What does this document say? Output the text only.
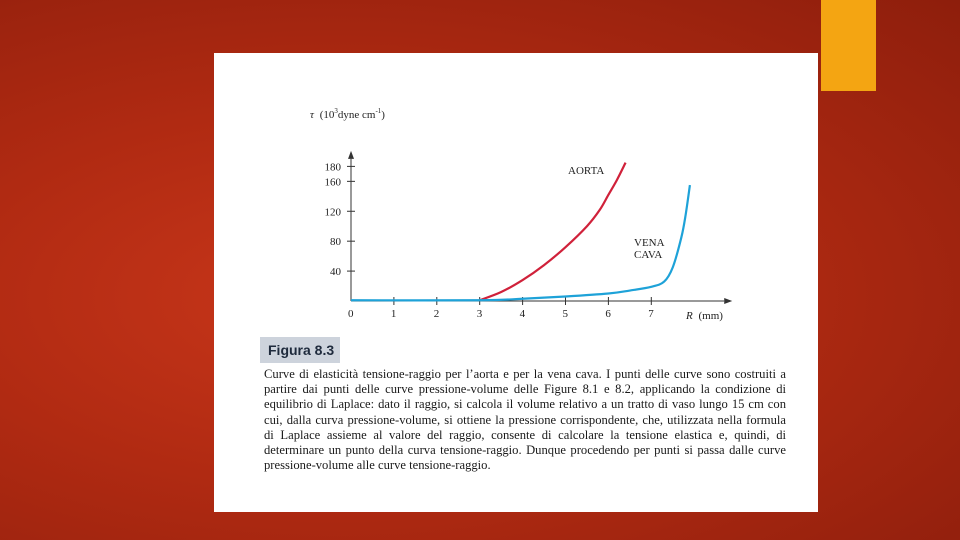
τ ($10^3dyne$ $cm^{-1}$)
R (mm)
AORTA
VENA
CAVA
0	1	2	3	4	5	6	7
40
80
120
160
180
Figura 8.3
Curve di elasticità tensione-raggio per l’aorta e per la vena cava. I punti delle curve sono costruiti a partire dai punti delle curve pressione-volume delle Figure 8.1 e 8.2, applicando la condizione di equilibrio di Laplace: dato il raggio, si calcola il volume relativo a un tratto di vaso lungo 15 cm con cui, dalla curva pressione-volume, si ottiene la pressione corrispondente, che, utilizzata nella formula di Laplace assieme al valore del raggio, consente di calcolare la tensione elastica e, quindi, di determinare un punto della curva tensione-raggio. Dunque procedendo per punti si passa dalle curve pressione-volume alle curve tensione-raggio.
